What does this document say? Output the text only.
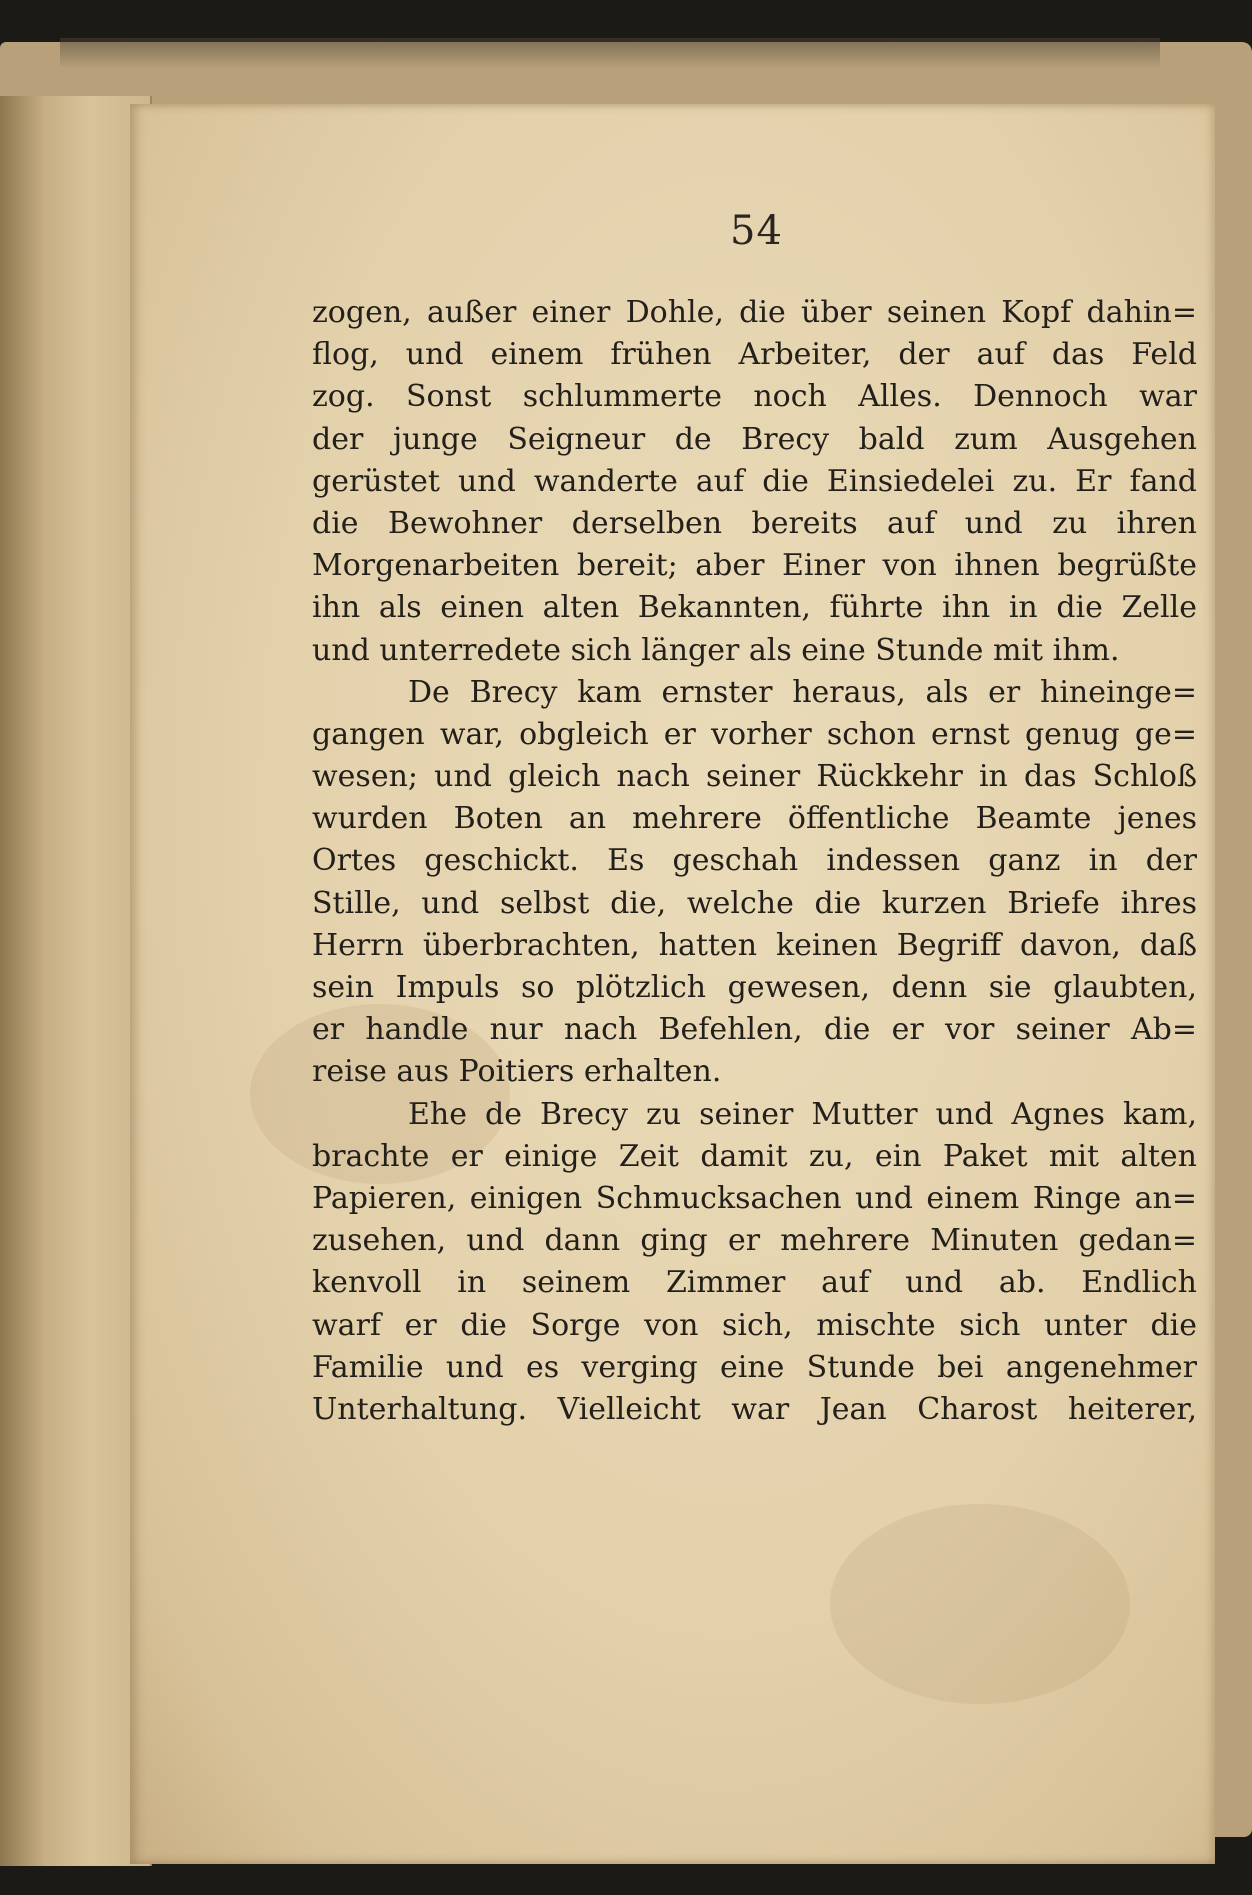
54
zogen, außer einer Dohle, die über seinen Kopf dahin=
flog, und einem frühen Arbeiter, der auf das Feld
zog. Sonst schlummerte noch Alles. Dennoch war
der junge Seigneur de Brecy bald zum Ausgehen
gerüstet und wanderte auf die Einsiedelei zu. Er fand
die Bewohner derselben bereits auf und zu ihren
Morgenarbeiten bereit; aber Einer von ihnen begrüßte
ihn als einen alten Bekannten, führte ihn in die Zelle
und unterredete sich länger als eine Stunde mit ihm.
De Brecy kam ernster heraus, als er hineinge=
gangen war, obgleich er vorher schon ernst genug ge=
wesen; und gleich nach seiner Rückkehr in das Schloß
wurden Boten an mehrere öffentliche Beamte jenes
Ortes geschickt. Es geschah indessen ganz in der
Stille, und selbst die, welche die kurzen Briefe ihres
Herrn überbrachten, hatten keinen Begriff davon, daß
sein Impuls so plötzlich gewesen, denn sie glaubten,
er handle nur nach Befehlen, die er vor seiner Ab=
reise aus Poitiers erhalten.
Ehe de Brecy zu seiner Mutter und Agnes kam,
brachte er einige Zeit damit zu, ein Paket mit alten
Papieren, einigen Schmucksachen und einem Ringe an=
zusehen, und dann ging er mehrere Minuten gedan=
kenvoll in seinem Zimmer auf und ab. Endlich
warf er die Sorge von sich, mischte sich unter die
Familie und es verging eine Stunde bei angenehmer
Unterhaltung. Vielleicht war Jean Charost heiterer,
